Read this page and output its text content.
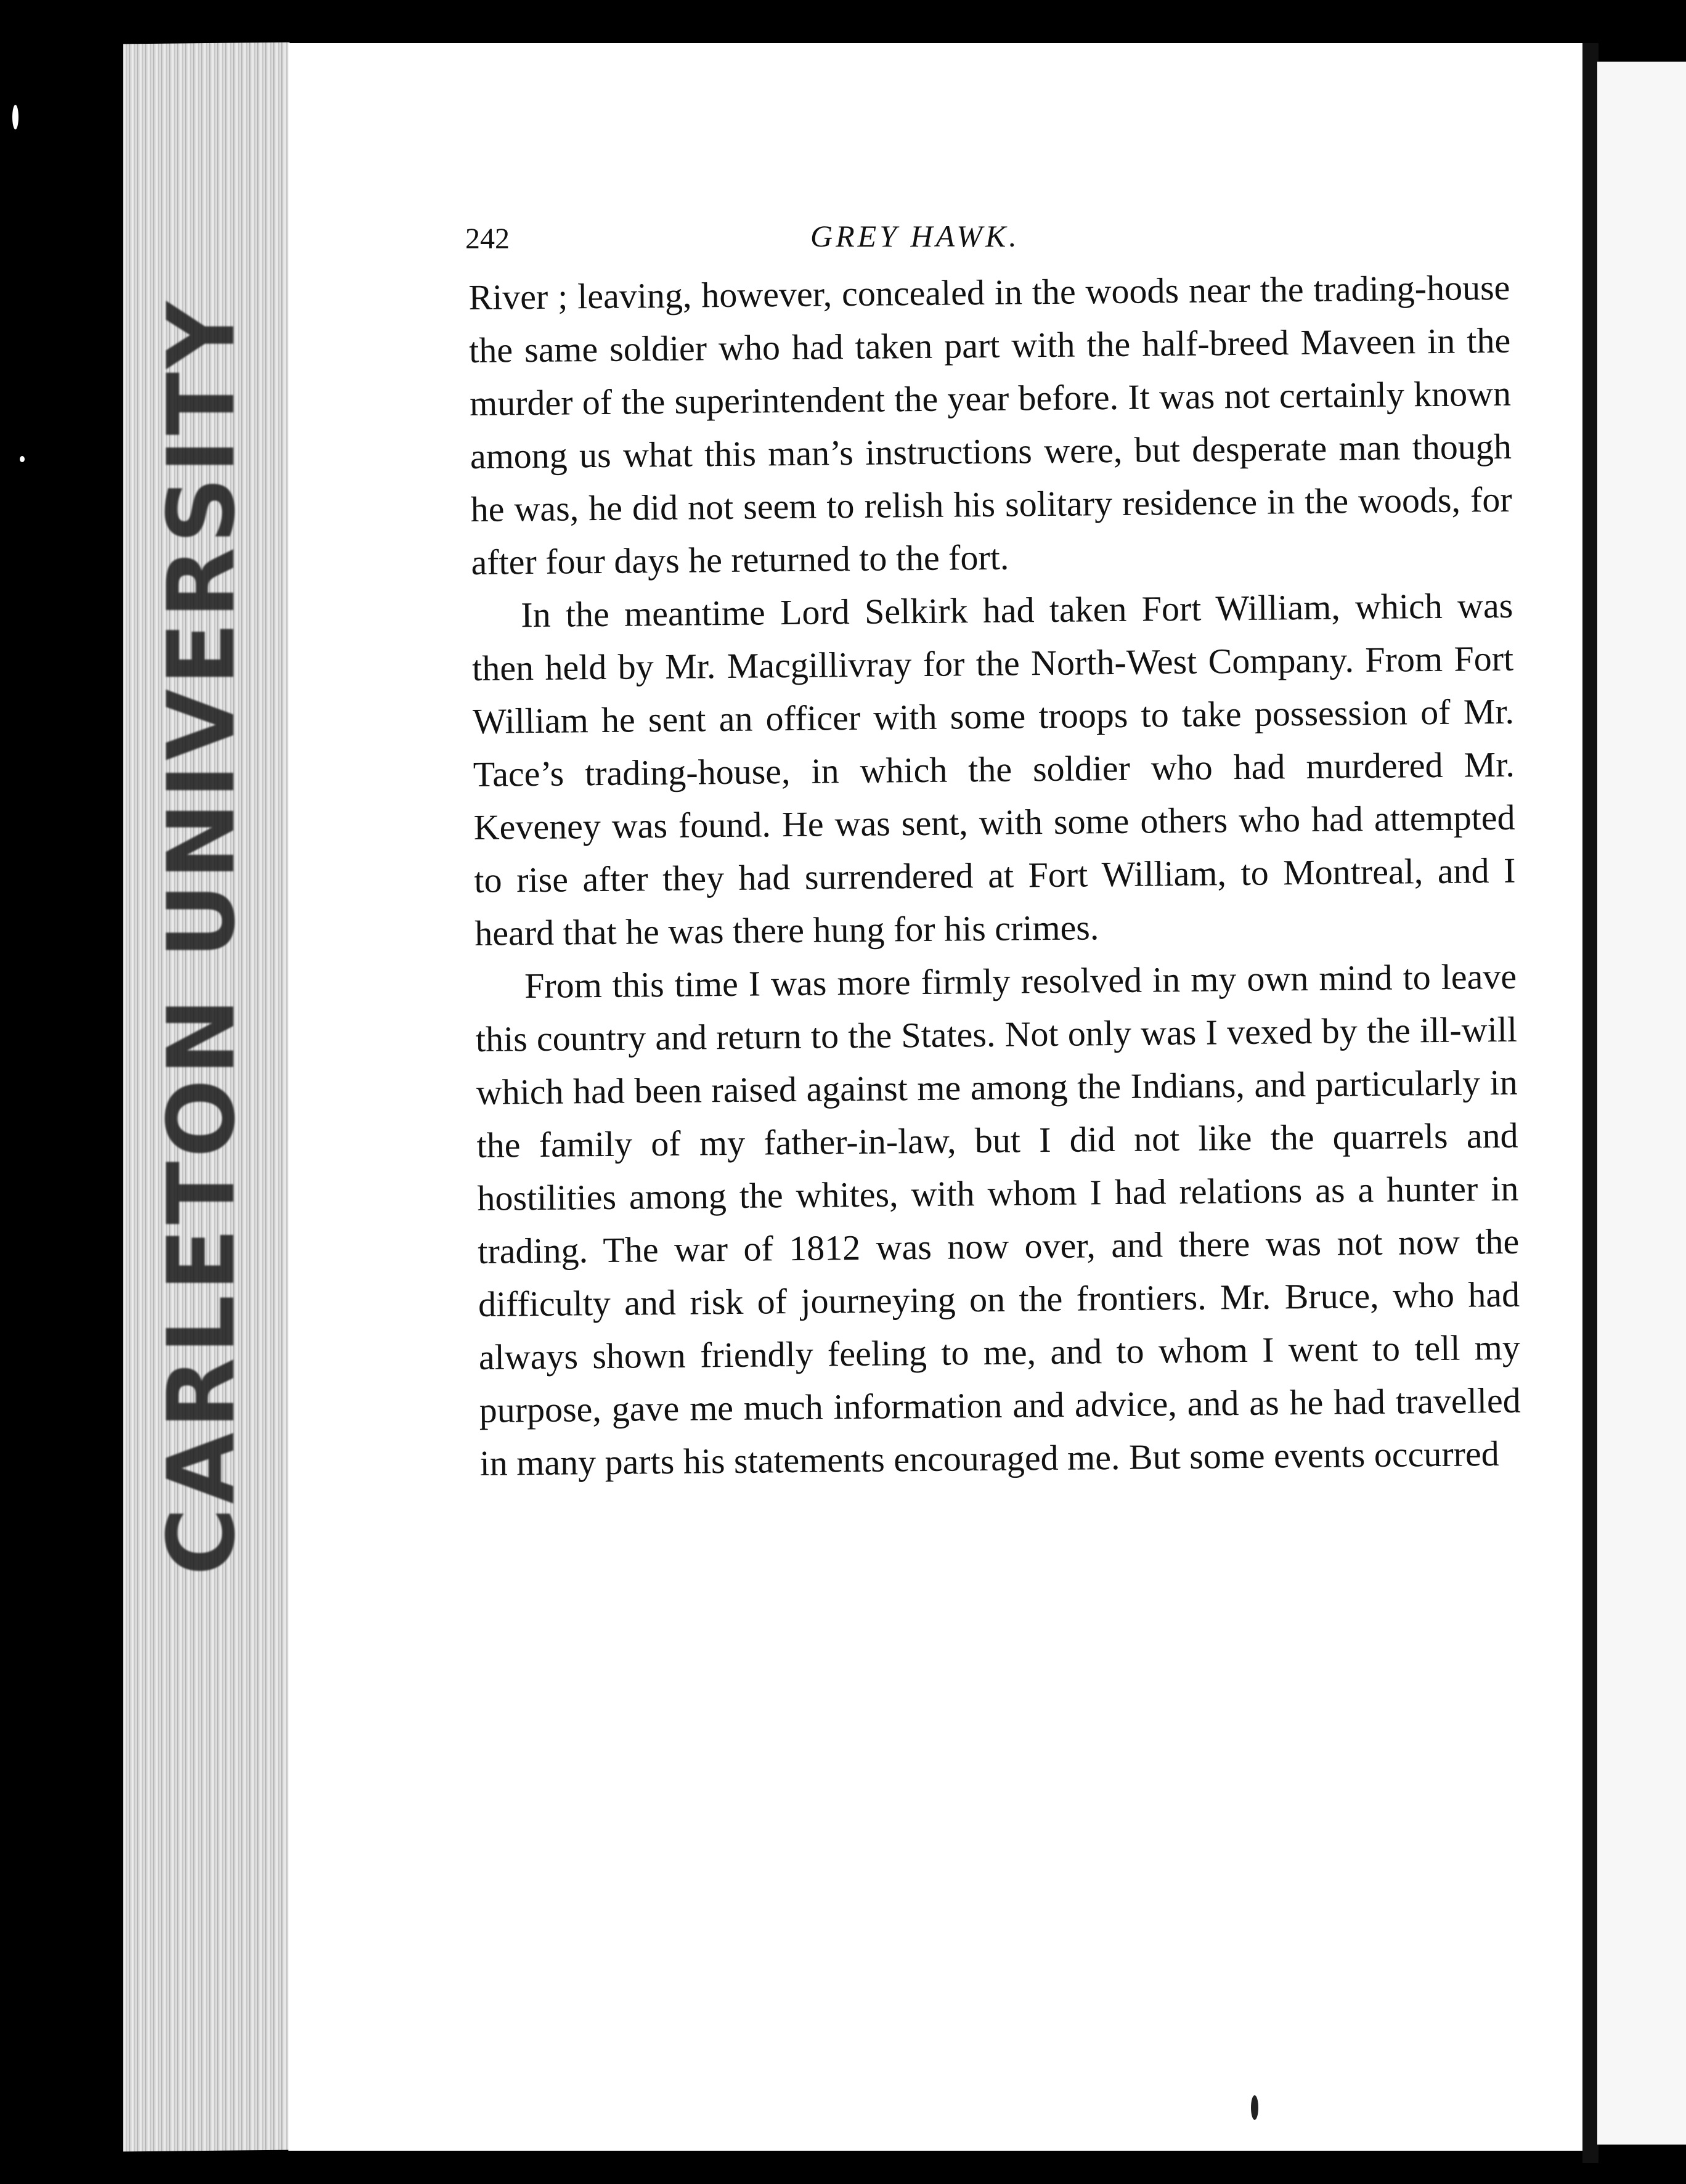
CARLETON UNIVERSITY
242	GREY HAWK.

River ; leaving, however, concealed in the woods near the trading-house the same soldier who had taken part with the half-breed Maveen in the murder of the superintendent the year before. It was not certainly known among us what this man’s instructions were, but desperate man though he was, he did not seem to relish his solitary residence in the woods, for after four days he returned to the fort.

In the meantime Lord Selkirk had taken Fort William, which was then held by Mr. Macgillivray for the North-West Company. From Fort William he sent an officer with some troops to take possession of Mr. Tace’s trading-house, in which the soldier who had murdered Mr. Keveney was found. He was sent, with some others who had attempted to rise after they had surrendered at Fort William, to Montreal, and I heard that he was there hung for his crimes.

From this time I was more firmly resolved in my own mind to leave this country and return to the States. Not only was I vexed by the ill-will which had been raised against me among the Indians, and particularly in the family of my father-in-law, but I did not like the quarrels and hostilities among the whites, with whom I had relations as a hunter in trading. The war of 1812 was now over, and there was not now the difficulty and risk of journeying on the frontiers. Mr. Bruce, who had always shown friendly feeling to me, and to whom I went to tell my purpose, gave me much information and advice, and as he had travelled in many parts his statements encouraged me. But some events occurred
